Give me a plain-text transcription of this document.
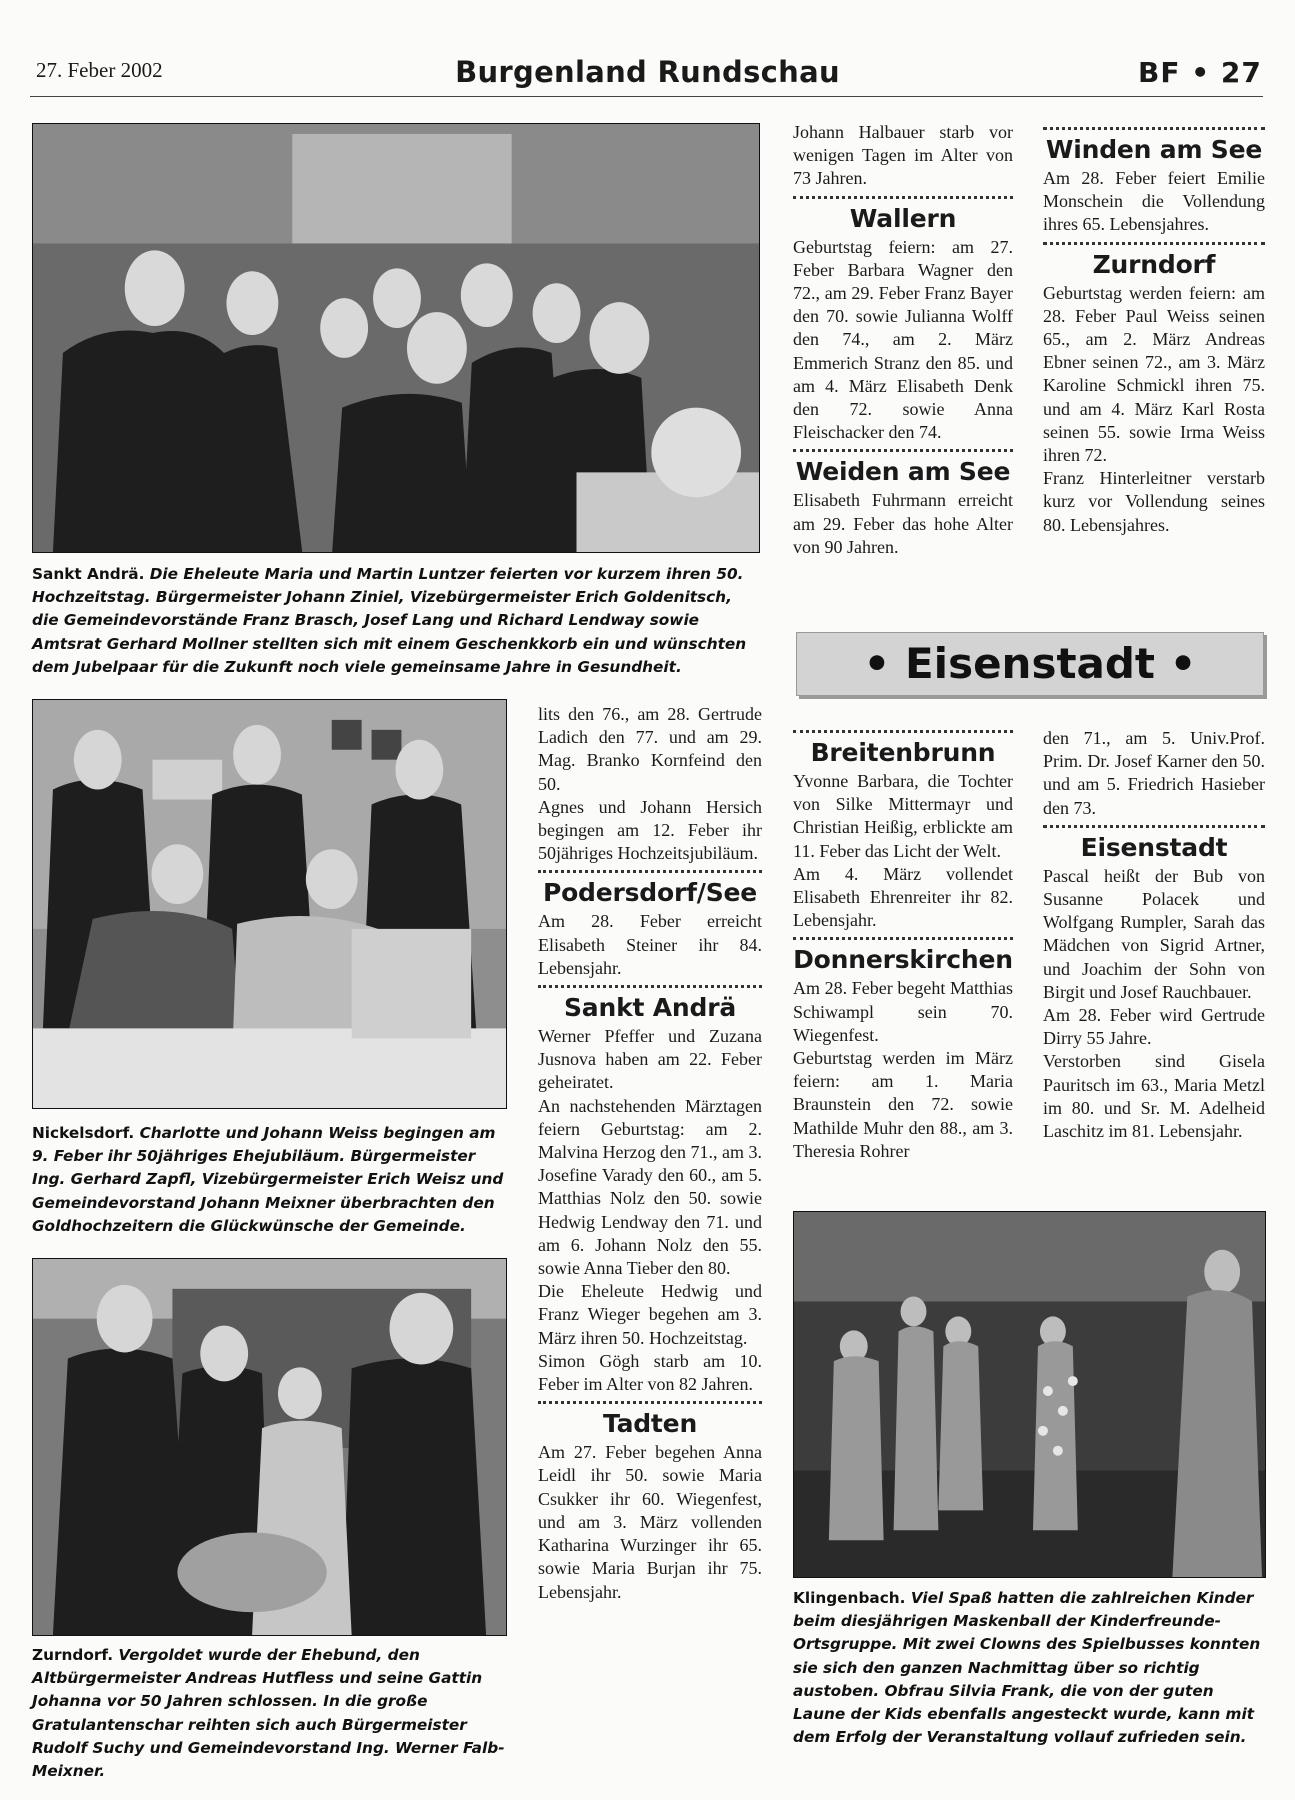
27. Feber 2002	Burgenland Rundschau	BF • 27
Sankt Andrä. Die Eheleute Maria und Martin Luntzer feierten vor kurzem ihren 50. Hochzeitstag. Bürgermeister Johann Ziniel, Vizebürgermeister Erich Goldenitsch, die Gemeindevorstände Franz Brasch, Josef Lang und Richard Lendway sowie Amtsrat Gerhard Mollner stellten sich mit einem Geschenkkorb ein und wünschten dem Jubelpaar für die Zukunft noch viele gemeinsame Jahre in Gesundheit.
Nickelsdorf. Charlotte und Johann Weiss begingen am 9. Feber ihr 50jähriges Ehejubiläum. Bürgermeister Ing. Gerhard Zapfl, Vizebürgermeister Erich Weisz und Gemeindevorstand Johann Meixner überbrachten den Goldhochzeitern die Glückwünsche der Gemeinde.
Zurndorf. Vergoldet wurde der Ehebund, den Altbürgermeister Andreas Hutfless und seine Gattin Johanna vor 50 Jahren schlossen. In die große Gratulantenschar reihten sich auch Bürgermeister Rudolf Suchy und Gemeindevorstand Ing. Werner Falb-Meixner.

lits den 76., am 28. Gertrude Ladich den 77. und am 29. Mag. Branko Kornfeind den 50.

Agnes und Johann Hersich begingen am 12. Feber ihr 50jähriges Hochzeitsjubiläum.

Podersdorf/See

Am 28. Feber erreicht Elisabeth Steiner ihr 84. Lebensjahr.

Sankt Andrä

Werner Pfeffer und Zuzana Jusnova haben am 22. Feber geheiratet.

An nachstehenden Märztagen feiern Geburtstag: am 2. Malvina Herzog den 71., am 3. Josefine Varady den 60., am 5. Matthias Nolz den 50. sowie Hedwig Lendway den 71. und am 6. Johann Nolz den 55. sowie Anna Tieber den 80.

Die Eheleute Hedwig und Franz Wieger begehen am 3. März ihren 50. Hochzeitstag.

Simon Gögh starb am 10. Feber im Alter von 82 Jahren.

Tadten

Am 27. Feber begehen Anna Leidl ihr 50. sowie Maria Csukker ihr 60. Wiegenfest, und am 3. März vollenden Katharina Wurzinger ihr 65. sowie Maria Burjan ihr 75. Lebensjahr.

Johann Halbauer starb vor wenigen Tagen im Alter von 73 Jahren.

Wallern

Geburtstag feiern: am 27. Feber Barbara Wagner den 72., am 29. Feber Franz Bayer den 70. sowie Julianna Wolff den 74., am 2. März Emmerich Stranz den 85. und am 4. März Elisabeth Denk den 72. sowie Anna Fleischacker den 74.

Weiden am See

Elisabeth Fuhrmann erreicht am 29. Feber das hohe Alter von 90 Jahren.

Winden am See

Am 28. Feber feiert Emilie Monschein die Vollendung ihres 65. Lebensjahres.

Zurndorf

Geburtstag werden feiern: am 28. Feber Paul Weiss seinen 65., am 2. März Andreas Ebner seinen 72., am 3. März Karoline Schmickl ihren 75. und am 4. März Karl Rosta seinen 55. sowie Irma Weiss ihren 72.

Franz Hinterleitner verstarb kurz vor Vollendung seines 80. Lebensjahres.

• Eisenstadt •
Breitenbrunn

Yvonne Barbara, die Tochter von Silke Mittermayr und Christian Heißig, erblickte am 11. Feber das Licht der Welt.

Am 4. März vollendet Elisabeth Ehrenreiter ihr 82. Lebensjahr.

Donnerskirchen

Am 28. Feber begeht Matthias Schiwampl sein 70. Wiegenfest.

Geburtstag werden im März feiern: am 1. Maria Braunstein den 72. sowie Mathilde Muhr den 88., am 3. Theresia Rohrer

den 71., am 5. Univ.Prof. Prim. Dr. Josef Karner den 50. und am 5. Friedrich Hasieber den 73.

Eisenstadt

Pascal heißt der Bub von Susanne Polacek und Wolfgang Rumpler, Sarah das Mädchen von Sigrid Artner, und Joachim der Sohn von Birgit und Josef Rauchbauer.

Am 28. Feber wird Gertrude Dirry 55 Jahre.

Verstorben sind Gisela Pauritsch im 63., Maria Metzl im 80. und Sr. M. Adelheid Laschitz im 81. Lebensjahr.

Klingenbach. Viel Spaß hatten die zahlreichen Kinder beim diesjährigen Maskenball der Kinderfreunde-Ortsgruppe. Mit zwei Clowns des Spielbusses konnten sie sich den ganzen Nachmittag über so richtig austoben. Obfrau Silvia Frank, die von der guten Laune der Kids ebenfalls angesteckt wurde, kann mit dem Erfolg der Veranstaltung vollauf zufrieden sein.
